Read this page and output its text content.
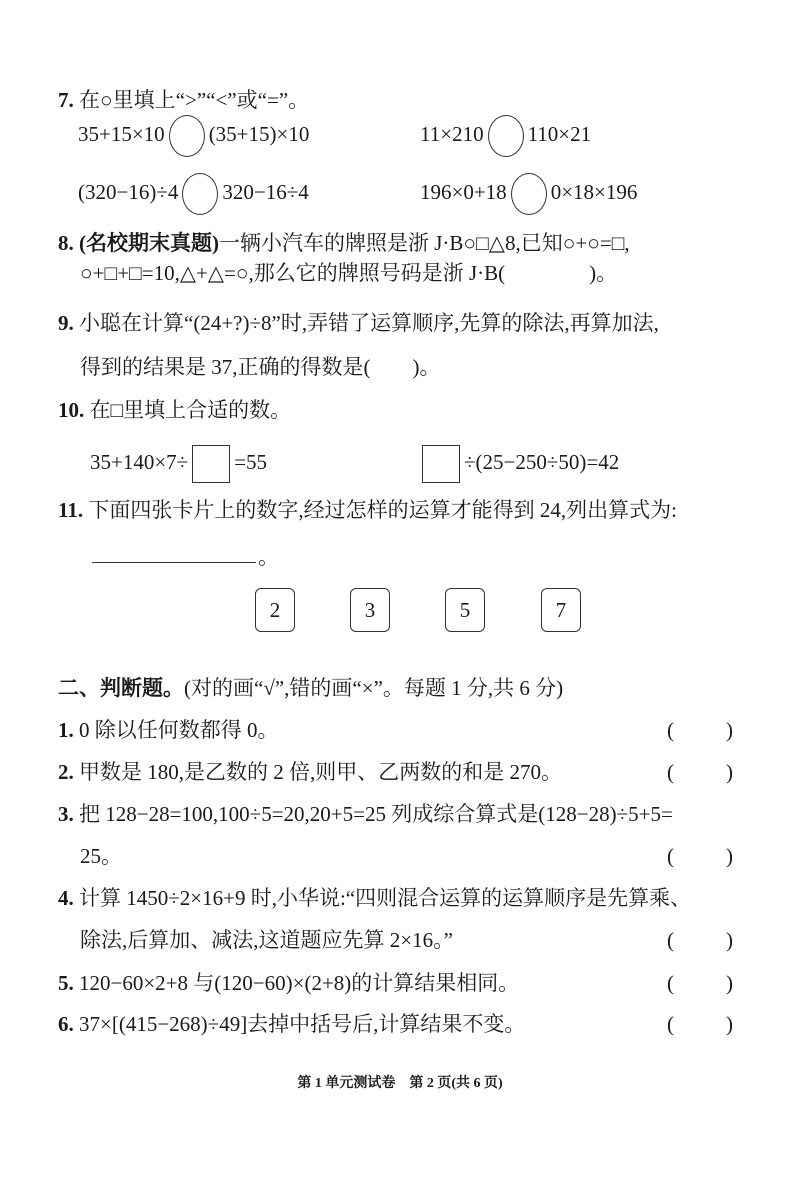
7. 在○里填上“>”“<”或“=”。
35+15×10 (35+15)×10	11×210 110×21
(320−16)÷4 320−16÷4	196×0+18 0×18×196
8. (名校期末真题)一辆小汽车的牌照是浙 J·B○□△8,已知○+○=□,
○+□+□=10,△+△=○,那么它的牌照号码是浙 J·B(　　　　)。
9. 小聪在计算“(24+?)÷8”时,弄错了运算顺序,先算的除法,再算加法,
得到的结果是 37,正确的得数是(　　)。
10. 在□里填上合适的数。
35+140×7÷ =55	÷(25−250÷50)=42
11. 下面四张卡片上的数字,经过怎样的运算才能得到 24,列出算式为:
。
2	3	5	7
二、判断题。(对的画“√”,错的画“×”。每题 1 分,共 6 分)
1. 0 除以任何数都得 0。	( )
2. 甲数是 180,是乙数的 2 倍,则甲、乙两数的和是 270。	( )
3. 把 128−28=100,100÷5=20,20+5=25 列成综合算式是(128−28)÷5+5=
25。	( )
4. 计算 1450÷2×16+9 时,小华说:“四则混合运算的运算顺序是先算乘、
除法,后算加、减法,这道题应先算 2×16。”	( )
5. 120−60×2+8 与(120−60)×(2+8)的计算结果相同。	( )
6. 37×[(415−268)÷49]去掉中括号后,计算结果不变。	( )
第 1 单元测试卷　第 2 页(共 6 页)
